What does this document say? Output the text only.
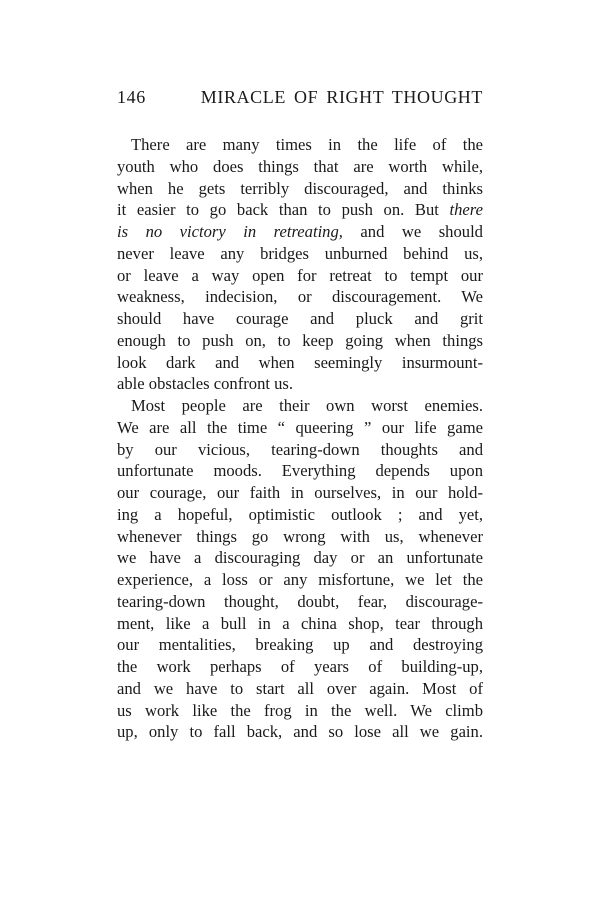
146	MIRACLE OF RIGHT THOUGHT
There are many times in the life of the
youth who does things that are worth while,
when he gets terribly discouraged, and thinks
it easier to go back than to push on. But there
is no victory in retreating, and we should
never leave any bridges unburned behind us,
or leave a way open for retreat to tempt our
weakness, indecision, or discouragement. We
should have courage and pluck and grit
enough to push on, to keep going when things
look dark and when seemingly insurmount-
able obstacles confront us.
Most people are their own worst enemies.
We are all the time “ queering ” our life game
by our vicious, tearing-down thoughts and
unfortunate moods. Everything depends upon
our courage, our faith in ourselves, in our hold-
ing a hopeful, optimistic outlook ; and yet,
whenever things go wrong with us, whenever
we have a discouraging day or an unfortunate
experience, a loss or any misfortune, we let the
tearing-down thought, doubt, fear, discourage-
ment, like a bull in a china shop, tear through
our mentalities, breaking up and destroying
the work perhaps of years of building-up,
and we have to start all over again. Most of
us work like the frog in the well. We climb
up, only to fall back, and so lose all we gain.
